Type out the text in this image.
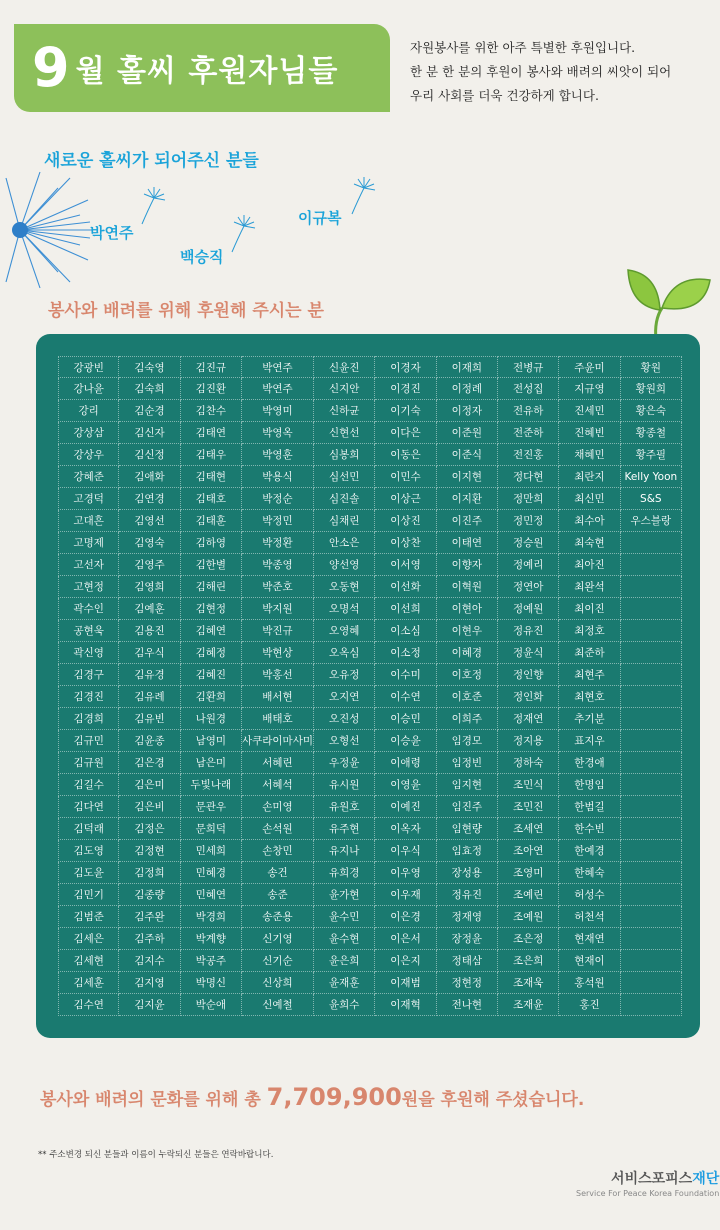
9 월 홀씨 후원자님들
자원봉사를 위한 아주 특별한 후원입니다.
한 분 한 분의 후원이 봉사와 배려의 씨앗이 되어
우리 사회를 더욱 건강하게 합니다.
새로운 홀씨가 되어주신 분들
박연주
백승직
이규복
봉사와 배려를 위해 후원해 주시는 분
강광빈	김숙영	김진규	박연주	신윤진	이경자	이재희	전병규	주윤미	황원
강나윤	김숙희	김진환	박연주	신지안	이경진	이정례	전성집	지규영	황원희
강리	김순경	김찬수	박영미	신하균	이기숙	이정자	전유하	진세민	황은숙
강상삼	김신자	김태연	박영옥	신현선	이다은	이준원	전준하	진혜빈	황종철
강상우	김신정	김태우	박영훈	심봉희	이동은	이준식	전진홍	채혜민	황주필
강혜준	김애화	김태현	박용식	심선민	이민수	이지현	정다현	최란지	Kelly Yoon
고경덕	김연경	김태호	박정순	심진솔	이상근	이지환	정만희	최신민	S&S
고대흔	김영선	김태훈	박정민	심채린	이상진	이진주	정민정	최수아	우스블랑
고명제	김영숙	김하영	박정환	안소은	이상찬	이태연	정승원	최숙현
고선자	김영주	김한별	박종영	양선영	이서영	이향자	정예리	최아진
고현정	김영희	김해린	박준호	오동현	이선화	이혁원	정연아	최완석
곽수인	김예훈	김현정	박지원	오명석	이선희	이현아	정예원	최이진
공현욱	김용진	김혜연	박진규	오영혜	이소심	이현우	정유진	최정호
곽신영	김우식	김혜정	박현상	오옥심	이소정	이혜경	정윤식	최준하
김경구	김유경	김혜진	박홍선	오유정	이수미	이호정	정인향	최현주
김경진	김유례	김환희	배서현	오지연	이수연	이호준	정인화	최현호
김경희	김유빈	나원경	배태호	오진성	이승민	이희주	정재연	추기분
김규민	김윤종	남영미	사쿠라이마사미	오형선	이승윤	임경모	정지용	표지우
김규원	김은경	남은미	서혜린	우정윤	이애령	임정빈	정하숙	한경애
김길수	김은미	두빛나래	서혜석	유시원	이영윤	임지현	조민식	한명임
김다연	김은비	문관우	손미영	유원호	이예진	임진주	조민진	한범길
김덕래	김정은	문희덕	손석원	유주현	이옥자	임현량	조세연	한수빈
김도영	김정현	민세희	손창민	유지나	이우식	임효정	조아연	한예경
김도윤	김정희	민혜경	송건	유희경	이우영	장성용	조영미	한혜숙
김민기	김종량	민혜연	송준	윤가현	이우재	정유진	조예린	허성수
김범준	김주완	박경희	송준용	윤수민	이은경	정재영	조예원	허천석
김세은	김주하	박계향	신기영	윤수현	이은서	장정윤	조은정	현재연
김세현	김지수	박공주	신기순	윤은희	이은지	정태삼	조은희	현재이
김세훈	김지영	박명신	신상희	윤재훈	이재범	정현정	조재욱	홍석원
김수연	김지윤	박순애	신예철	윤희수	이재혁	전나현	조재윤	홍진
봉사와 배려의 문화를 위해 총 7,709,900원을 후원해 주셨습니다.
** 주소변경 되신 분들과 이름이 누락되신 분들은 연락바랍니다.
서비스포피스재단
Service For Peace Korea Foundation
